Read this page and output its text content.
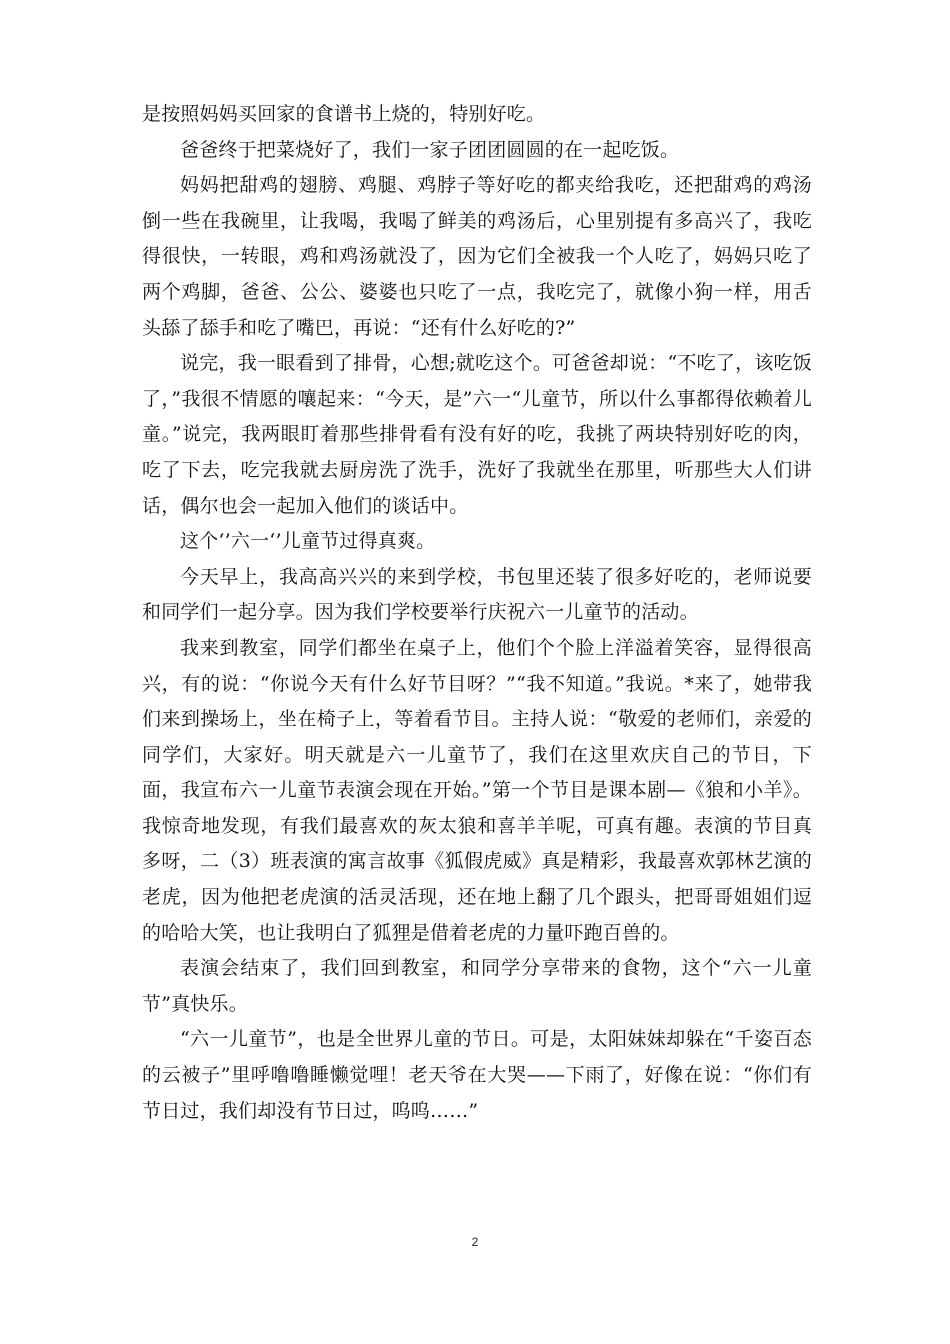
是按照妈妈买回家的食谱书上烧的，特别好吃。

爸爸终于把菜烧好了，我们一家子团团圆圆的在一起吃饭。

妈妈把甜鸡的翅膀、鸡腿、鸡脖子等好吃的都夹给我吃，还把甜鸡的鸡汤倒一些在我碗里，让我喝，我喝了鲜美的鸡汤后，心里别提有多高兴了，我吃得很快，一转眼，鸡和鸡汤就没了，因为它们全被我一个人吃了，妈妈只吃了两个鸡脚，爸爸、公公、婆婆也只吃了一点，我吃完了，就像小狗一样，用舌头舔了舔手和吃了嘴巴，再说：“还有什么好吃的?”

说完，我一眼看到了排骨，心想;就吃这个。可爸爸却说：“不吃了，该吃饭了，”我很不情愿的嚷起来：“今天，是”六一“儿童节，所以什么事都得依赖着儿童。”说完，我两眼盯着那些排骨看有没有好的吃，我挑了两块特别好吃的肉，吃了下去，吃完我就去厨房洗了洗手，洗好了我就坐在那里，听那些大人们讲话，偶尔也会一起加入他们的谈话中。

这个‘’六一‘’儿童节过得真爽。

今天早上，我高高兴兴的来到学校，书包里还装了很多好吃的，老师说要和同学们一起分享。因为我们学校要举行庆祝六一儿童节的活动。

我来到教室，同学们都坐在桌子上，他们个个脸上洋溢着笑容，显得很高兴，有的说：“你说今天有什么好节目呀？”“我不知道。”我说。*来了，她带我们来到操场上，坐在椅子上，等着看节目。主持人说：“敬爱的老师们，亲爱的同学们，大家好。明天就是六一儿童节了，我们在这里欢庆自己的节日，下面，我宣布六一儿童节表演会现在开始。”第一个节目是课本剧—《狼和小羊》。我惊奇地发现，有我们最喜欢的灰太狼和喜羊羊呢，可真有趣。表演的节目真多呀，二（3）班表演的寓言故事《狐假虎威》真是精彩，我最喜欢郭林艺演的老虎，因为他把老虎演的活灵活现，还在地上翻了几个跟头，把哥哥姐姐们逗的哈哈大笑，也让我明白了狐狸是借着老虎的力量吓跑百兽的。

表演会结束了，我们回到教室，和同学分享带来的食物，这个“六一儿童节”真快乐。

“六一儿童节”，也是全世界儿童的节日。可是，太阳妹妹却躲在“千姿百态的云被子”里呼噜噜睡懒觉哩！老天爷在大哭——下雨了，好像在说：“你们有节日过，我们却没有节日过，呜呜……”

2
